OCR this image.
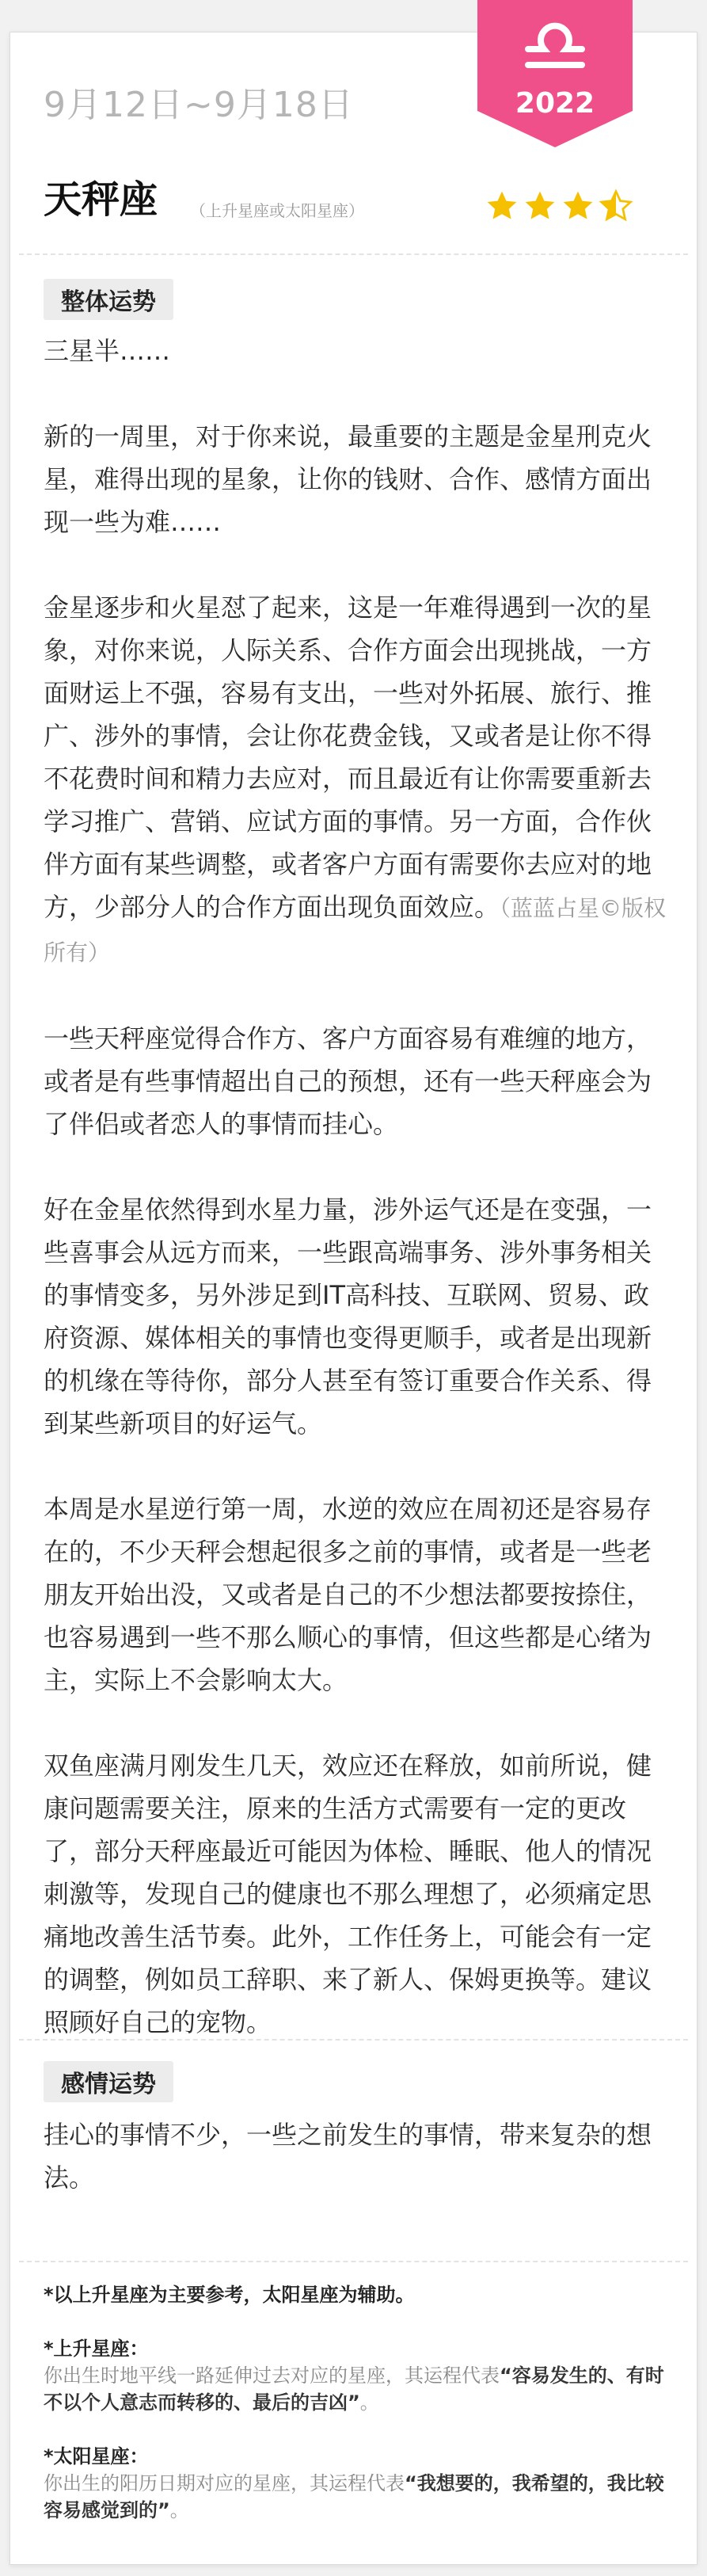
2022
9月12日~9月18日
天秤座 （上升星座或太阳星座）
整体运势

三星半……

新的一周里，对于你来说，最重要的主题是金星刑克火星，难得出现的星象，让你的钱财、合作、感情方面出现一些为难……

金星逐步和火星怼了起来，这是一年难得遇到一次的星象，对你来说，人际关系、合作方面会出现挑战，一方面财运上不强，容易有支出，一些对外拓展、旅行、推广、涉外的事情，会让你花费金钱，又或者是让你不得不花费时间和精力去应对，而且最近有让你需要重新去学习推广、营销、应试方面的事情。另一方面，合作伙伴方面有某些调整，或者客户方面有需要你去应对的地方，少部分人的合作方面出现负面效应。（蓝蓝占星©版权所有）

一些天秤座觉得合作方、客户方面容易有难缠的地方，或者是有些事情超出自己的预想，还有一些天秤座会为了伴侣或者恋人的事情而挂心。

好在金星依然得到水星力量，涉外运气还是在变强，一些喜事会从远方而来，一些跟高端事务、涉外事务相关的事情变多，另外涉足到IT高科技、互联网、贸易、政府资源、媒体相关的事情也变得更顺手，或者是出现新的机缘在等待你，部分人甚至有签订重要合作关系、得到某些新项目的好运气。

本周是水星逆行第一周，水逆的效应在周初还是容易存在的，不少天秤会想起很多之前的事情，或者是一些老朋友开始出没，又或者是自己的不少想法都要按捺住，也容易遇到一些不那么顺心的事情，但这些都是心绪为主，实际上不会影响太大。

双鱼座满月刚发生几天，效应还在释放，如前所说，健康问题需要关注，原来的生活方式需要有一定的更改了，部分天秤座最近可能因为体检、睡眠、他人的情况刺激等，发现自己的健康也不那么理想了，必须痛定思痛地改善生活节奏。此外，工作任务上，可能会有一定的调整，例如员工辞职、来了新人、保姆更换等。建议照顾好自己的宠物。

感情运势

挂心的事情不少，一些之前发生的事情，带来复杂的想法。

*以上升星座为主要参考，太阳星座为辅助。
*上升星座：
你出生时地平线一路延伸过去对应的星座，其运程代表“容易发生的、有时不以个人意志而转移的、最后的吉凶”。
*太阳星座：
你出生的阳历日期对应的星座，其运程代表“我想要的，我希望的，我比较容易感觉到的”。
